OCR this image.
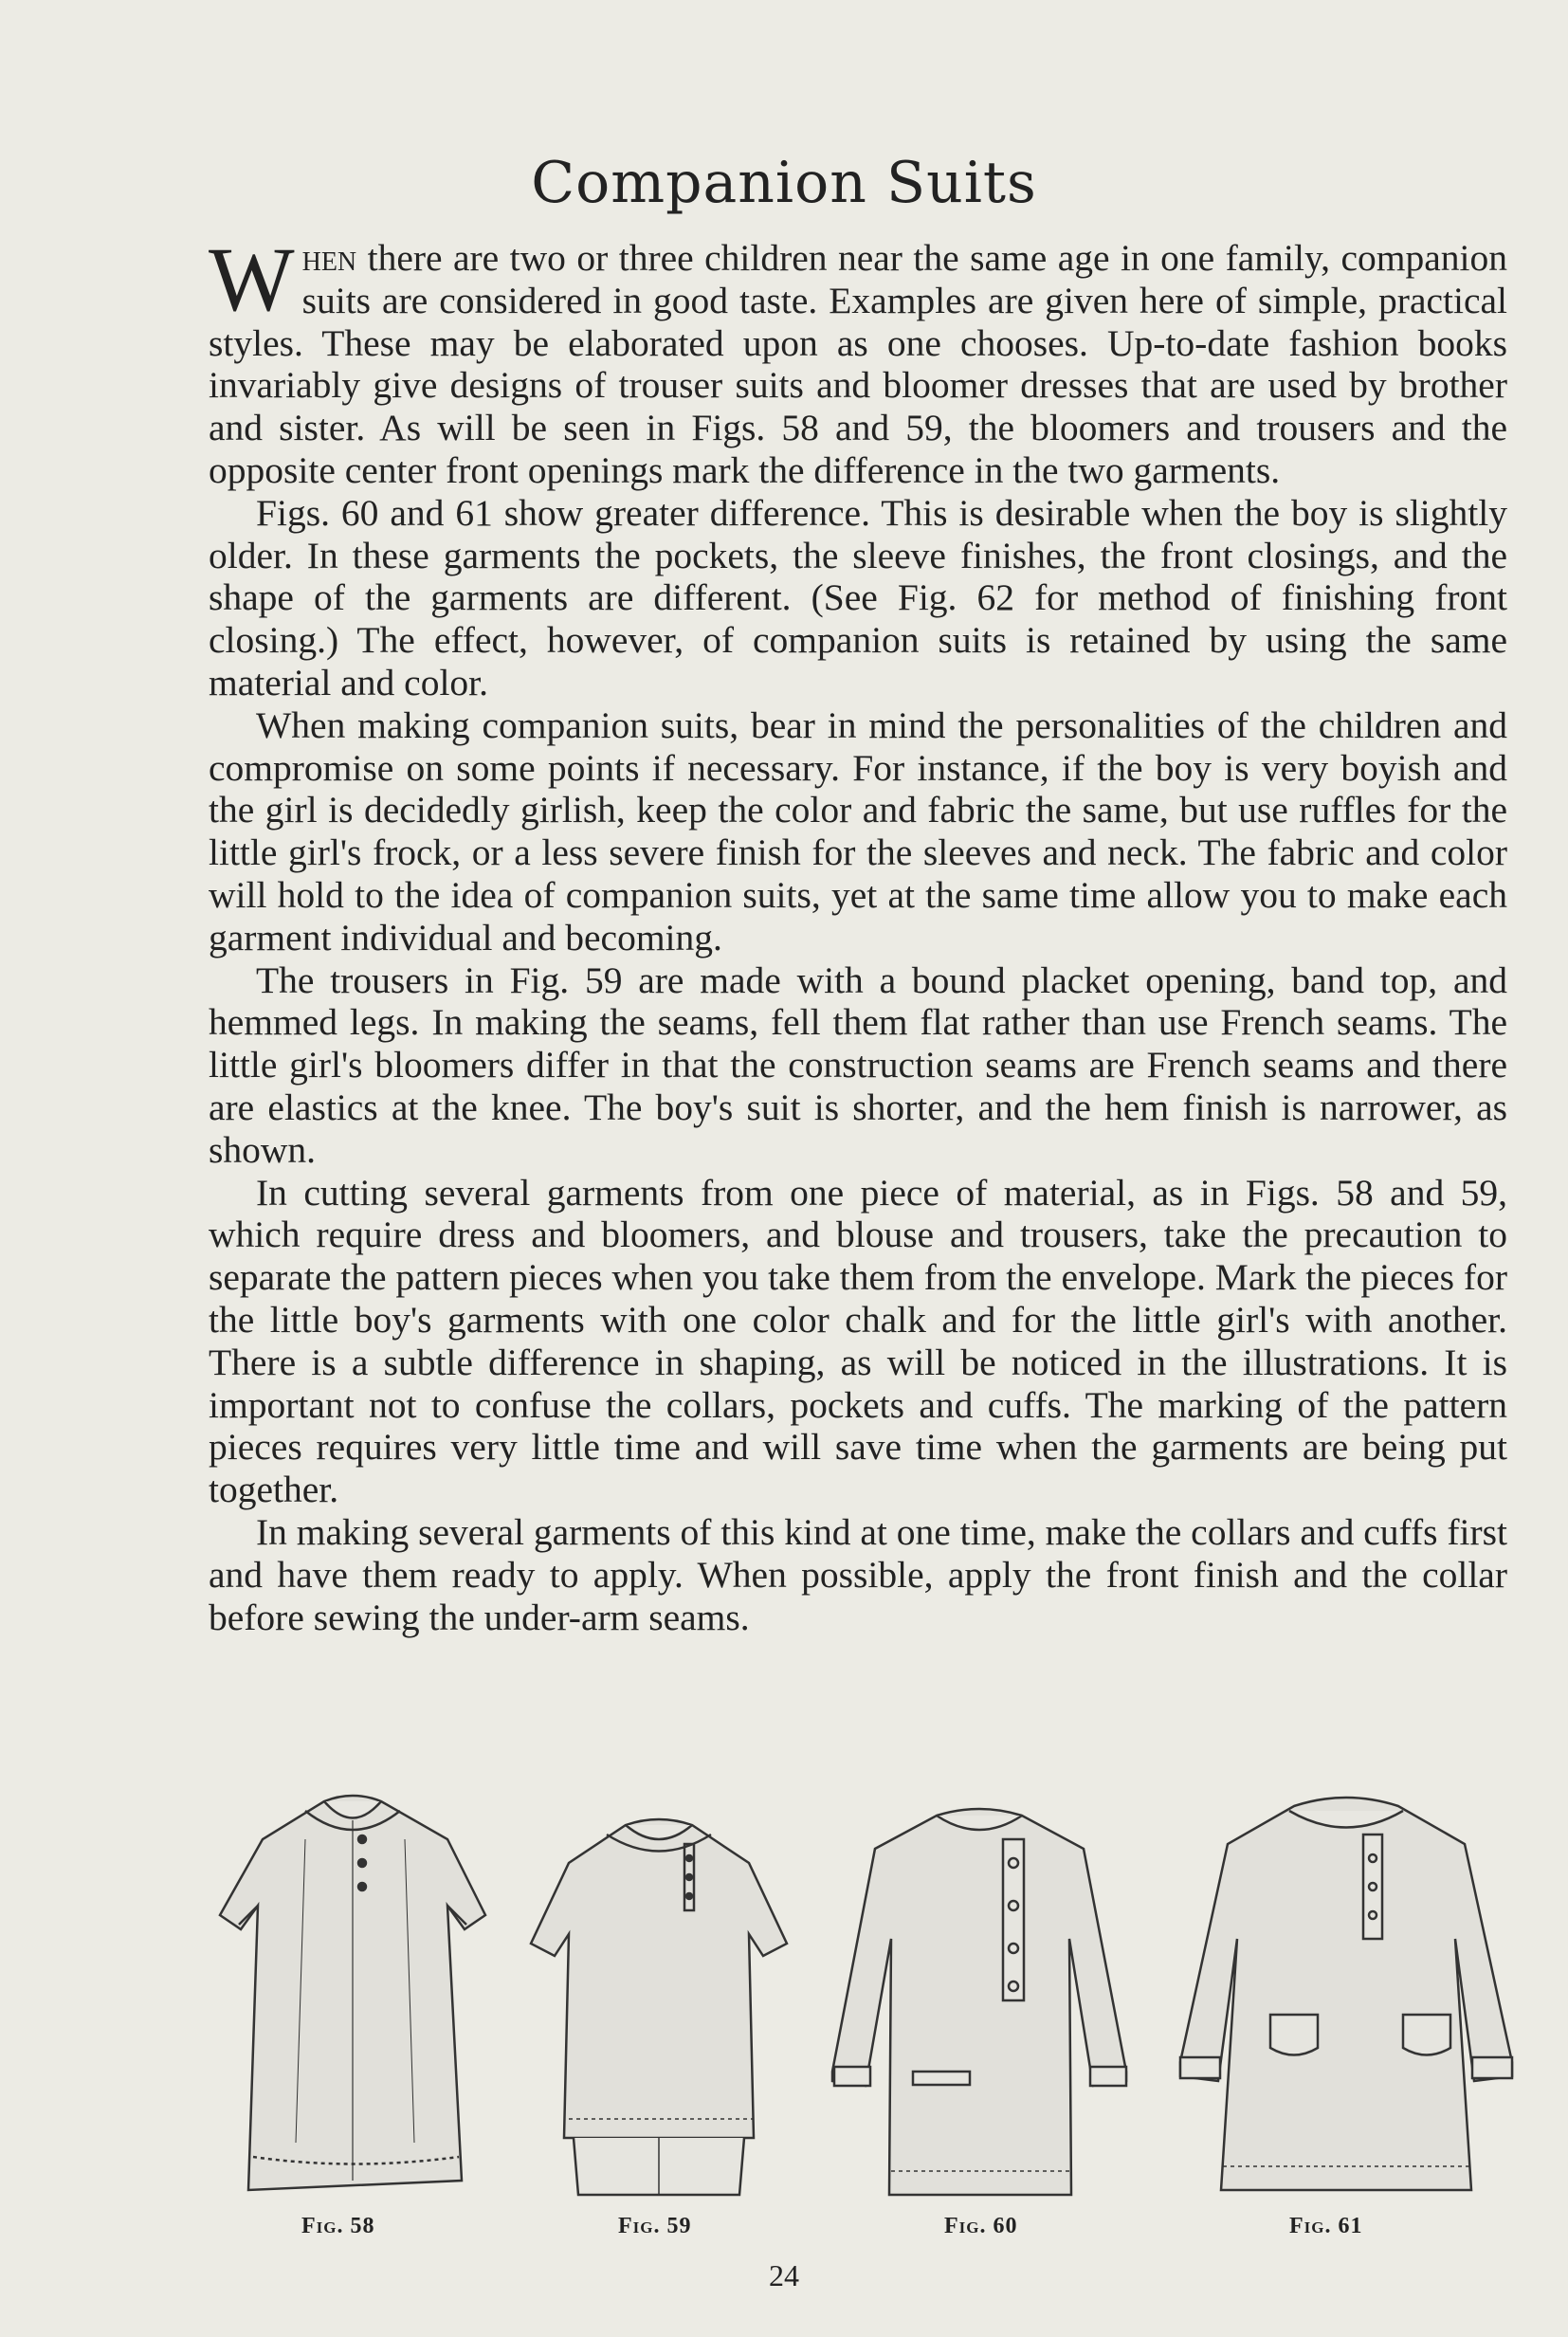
Companion Suits

When there are two or three children near the same age in one family, companion suits are considered in good taste. Examples are given here of simple, practical styles. These may be elaborated upon as one chooses. Up-to-date fashion books invariably give designs of trouser suits and bloomer dresses that are used by brother and sister. As will be seen in Figs. 58 and 59, the bloomers and trousers and the opposite center front openings mark the difference in the two garments.

Figs. 60 and 61 show greater difference. This is desirable when the boy is slightly older. In these garments the pockets, the sleeve finishes, the front closings, and the shape of the garments are different. (See Fig. 62 for method of finishing front closing.) The effect, however, of companion suits is retained by using the same material and color.

When making companion suits, bear in mind the personalities of the children and compromise on some points if necessary. For instance, if the boy is very boyish and the girl is decidedly girlish, keep the color and fabric the same, but use ruffles for the little girl's frock, or a less severe finish for the sleeves and neck. The fabric and color will hold to the idea of companion suits, yet at the same time allow you to make each garment individual and becoming.

The trousers in Fig. 59 are made with a bound placket opening, band top, and hemmed legs. In making the seams, fell them flat rather than use French seams. The little girl's bloomers differ in that the construction seams are French seams and there are elastics at the knee. The boy's suit is shorter, and the hem finish is narrower, as shown.

In cutting several garments from one piece of material, as in Figs. 58 and 59, which require dress and bloomers, and blouse and trousers, take the precaution to separate the pattern pieces when you take them from the envelope. Mark the pieces for the little boy's garments with one color chalk and for the little girl's with another. There is a subtle difference in shaping, as will be noticed in the illustrations. It is important not to confuse the collars, pockets and cuffs. The marking of the pattern pieces requires very little time and will save time when the garments are being put together.

In making several garments of this kind at one time, make the collars and cuffs first and have them ready to apply. When possible, apply the front finish and the collar before sewing the under-arm seams.

Fig. 58	Fig. 59	Fig. 60	Fig. 61
24
